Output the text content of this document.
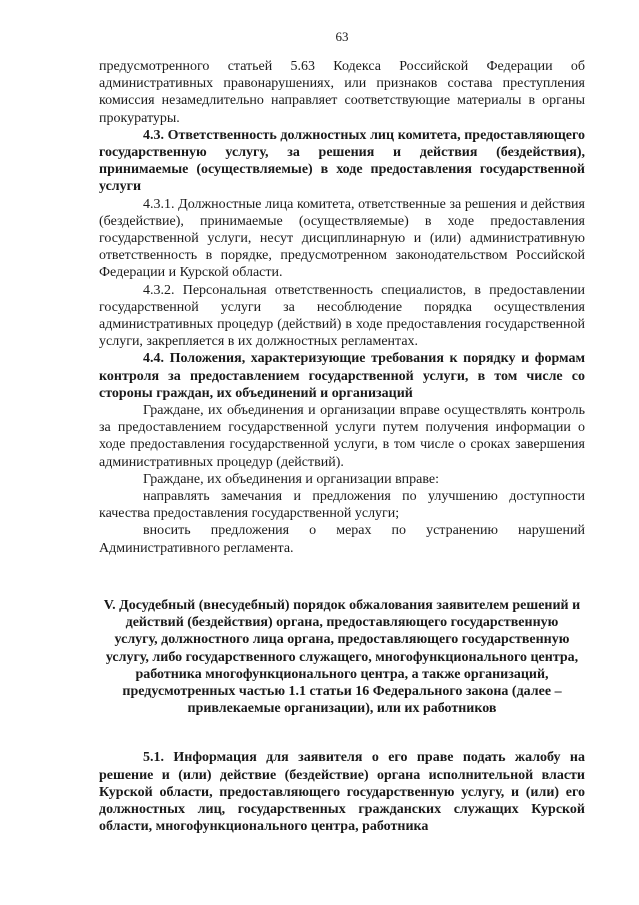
63

предусмотренного статьей 5.63 Кодекса Российской Федерации об административных правонарушениях, или признаков состава преступления комиссия незамедлительно направляет соответствующие материалы в органы прокуратуры.

4.3. Ответственность должностных лиц комитета, предоставляющего государственную услугу, за решения и действия (бездействия), принимаемые (осуществляемые) в ходе предоставления государственной услуги

4.3.1. Должностные лица комитета, ответственные за решения и действия (бездействие), принимаемые (осуществляемые) в ходе предоставления государственной услуги, несут дисциплинарную и (или) административную ответственность в порядке, предусмотренном законодательством Российской Федерации и Курской области.

4.3.2. Персональная ответственность специалистов, в предоставлении государственной услуги за несоблюдение порядка осуществления административных процедур (действий) в ходе предоставления государственной услуги, закрепляется в их должностных регламентах.

4.4. Положения, характеризующие требования к порядку и формам контроля за предоставлением государственной услуги, в том числе со стороны граждан, их объединений и организаций

Граждане, их объединения и организации вправе осуществлять контроль за предоставлением государственной услуги путем получения информации о ходе предоставления государственной услуги, в том числе о сроках завершения административных процедур (действий).

Граждане, их объединения и организации вправе:

направлять замечания и предложения по улучшению доступности качества предоставления государственной услуги;

вносить предложения о мерах по устранению нарушений Административного регламента.

V. Досудебный (внесудебный) порядок обжалования заявителем решений и действий (бездействия) органа, предоставляющего государственную услугу, должностного лица органа, предоставляющего государственную услугу, либо государственного служащего, многофункционального центра, работника многофункционального центра, а также организаций, предусмотренных частью 1.1 статьи 16 Федерального закона (далее – привлекаемые организации), или их работников

5.1. Информация для заявителя о его праве подать жалобу на решение и (или) действие (бездействие) органа исполнительной власти Курской области, предоставляющего государственную услугу, и (или) его должностных лиц, государственных гражданских служащих Курской области, многофункционального центра, работника
